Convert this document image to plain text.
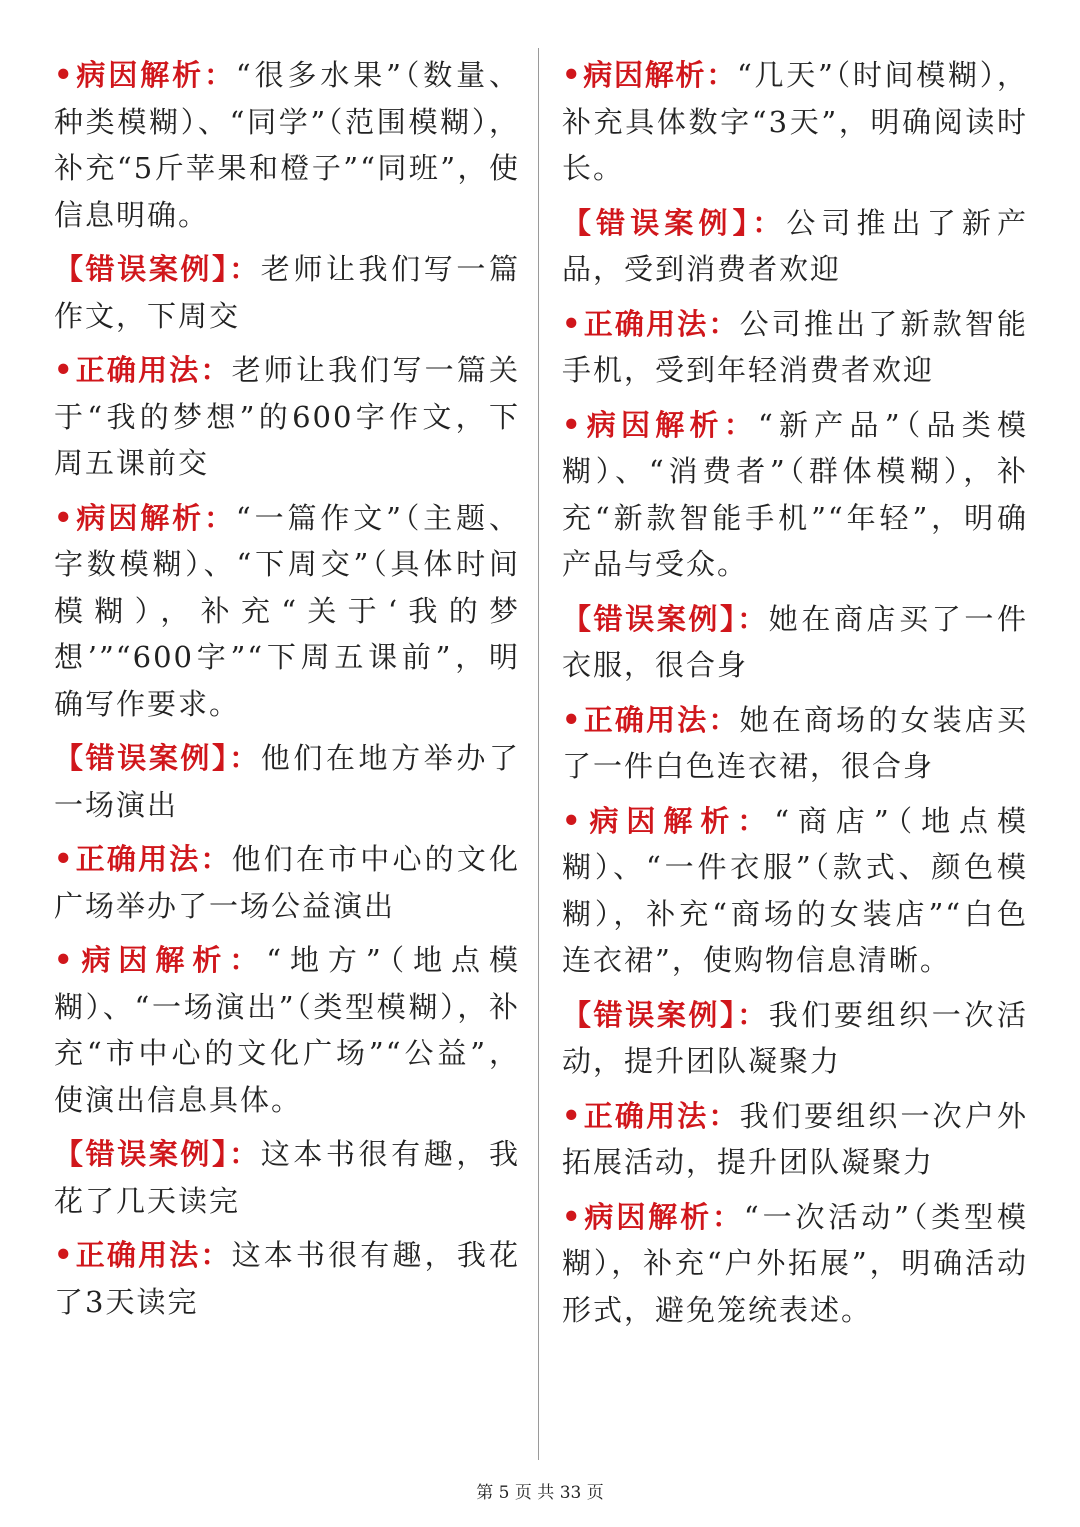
•病因解析：“很多水果”（数量、种类模糊）、“同学”（范围模糊），补充“5斤苹果和橙子”“同班”，使信息明确。

【错误案例】：老师让我们写一篇作文，下周交

•正确用法：老师让我们写一篇关于“我的梦想”的600字作文，下周五课前交

•病因解析：“一篇作文”（主题、字数模糊）、“下周交”（具体时间模糊），补充“关于‘我的梦想’”“600字”“下周五课前”，明确写作要求。

【错误案例】：他们在地方举办了一场演出

•正确用法：他们在市中心的文化广场举办了一场公益演出

•病因解析：“地方”（地点模糊）、“一场演出”（类型模糊），补充“市中心的文化广场”“公益”，使演出信息具体。

【错误案例】：这本书很有趣，我花了几天读完

•正确用法：这本书很有趣，我花了3天读完

•病因解析：“几天”（时间模糊），补充具体数字“3天”，明确阅读时长。

【错误案例】：公司推出了新产品，受到消费者欢迎

•正确用法：公司推出了新款智能手机，受到年轻消费者欢迎

•病因解析：“新产品”（品类模糊）、“消费者”（群体模糊），补充“新款智能手机”“年轻”，明确产品与受众。

【错误案例】：她在商店买了一件衣服，很合身

•正确用法：她在商场的女装店买了一件白色连衣裙，很合身

•病因解析：“商店”（地点模糊）、“一件衣服”（款式、颜色模糊），补充“商场的女装店”“白色连衣裙”，使购物信息清晰。

【错误案例】：我们要组织一次活动，提升团队凝聚力

•正确用法：我们要组织一次户外拓展活动，提升团队凝聚力

•病因解析：“一次活动”（类型模糊），补充“户外拓展”，明确活动形式，避免笼统表述。

第 5 页 共 33 页
